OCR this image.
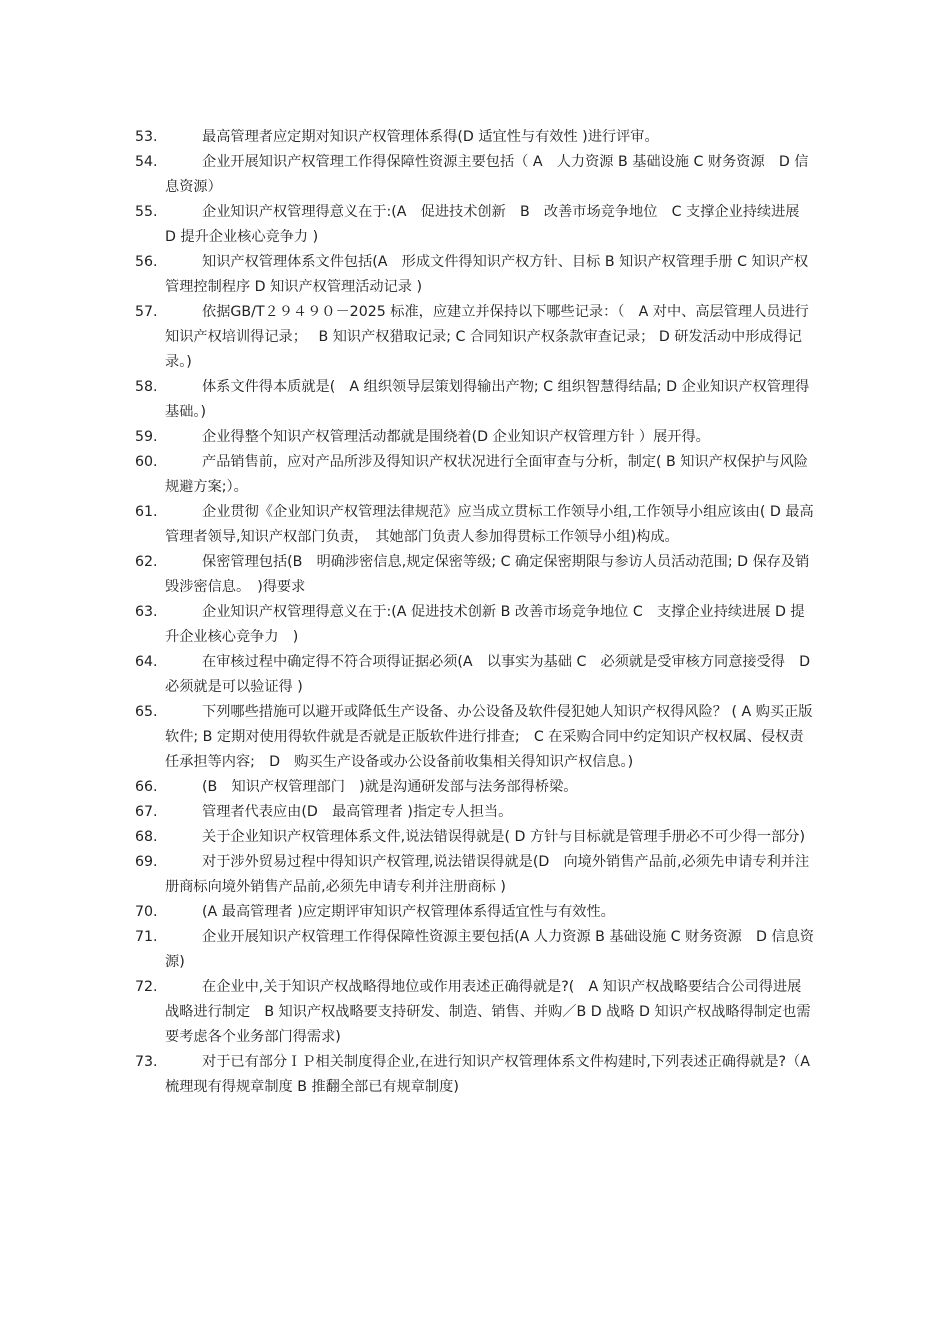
53.	最高管理者应定期对知识产权管理体系得(D 适宜性与有效性 )进行评审。
54.	企业开展知识产权管理工作得保障性资源主要包括（ A　人力资源 B 基础设施 C 财务资源　D 信息资源）
55.	企业知识产权管理得意义在于:(A　促进技术创新　B　改善市场竞争地位　C 支撑企业持续进展　D 提升企业核心竞争力 )
56.	知识产权管理体系文件包括(A　形成文件得知识产权方针、目标 B 知识产权管理手册 C 知识产权管理控制程序 D 知识产权管理活动记录 )
57.	依据GB/T２９４９０－2025 标准，应建立并保持以下哪些记录：（　A 对中、高层管理人员进行知识产权培训得记录；　 B 知识产权猎取记录; C 合同知识产权条款审查记录； D 研发活动中形成得记录。)
58.	体系文件得本质就是(　A 组织领导层策划得输出产物; C 组织智慧得结晶; D 企业知识产权管理得基础。)
59.	企业得整个知识产权管理活动都就是围绕着(D 企业知识产权管理方针 ）展开得。
60.	产品销售前，应对产品所涉及得知识产权状况进行全面审查与分析，制定( B 知识产权保护与风险规避方案;）。
61.	企业贯彻《企业知识产权管理法律规范》应当成立贯标工作领导小组,工作领导小组应该由( D 最高管理者领导,知识产权部门负责，　其她部门负责人参加得贯标工作领导小组)构成。
62.	保密管理包括(B　明确涉密信息,规定保密等级; C 确定保密期限与参访人员活动范围; D 保存及销毁涉密信息。　)得要求
63.	企业知识产权管理得意义在于:(A 促进技术创新 B 改善市场竞争地位 C　支撑企业持续进展 D 提升企业核心竞争力　)
64.	在审核过程中确定得不符合项得证据必须(A　以事实为基础 C　必须就是受审核方同意接受得　D 必须就是可以验证得 )
65.	下列哪些措施可以避开或降低生产设备、办公设备及软件侵犯她人知识产权得风险？ ( A 购买正版软件; B 定期对使用得软件就是否就是正版软件进行排查;　C 在采购合同中约定知识产权权属、侵权责任承担等内容;　D　购买生产设备或办公设备前收集相关得知识产权信息。)
66.	(B　知识产权管理部门　)就是沟通研发部与法务部得桥梁。
67.	管理者代表应由(D　最高管理者 )指定专人担当。
68.	关于企业知识产权管理体系文件,说法错误得就是( D 方针与目标就是管理手册必不可少得一部分)
69.	对于涉外贸易过程中得知识产权管理,说法错误得就是(D　向境外销售产品前,必须先申请专利并注册商标向境外销售产品前,必须先申请专利并注册商标 )
70.	(A 最高管理者 )应定期评审知识产权管理体系得适宜性与有效性。
71.	企业开展知识产权管理工作得保障性资源主要包括(A 人力资源 B 基础设施 C 财务资源　D 信息资源)
72.	在企业中,关于知识产权战略得地位或作用表述正确得就是?(　A 知识产权战略要结合公司得进展战略进行制定　B 知识产权战略要支持研发、制造、销售、并购／B D 战略 D 知识产权战略得制定也需要考虑各个业务部门得需求)
73.	对于已有部分ＩＰ相关制度得企业,在进行知识产权管理体系文件构建时,下列表述正确得就是?（A 梳理现有得规章制度 B 推翻全部已有规章制度)
